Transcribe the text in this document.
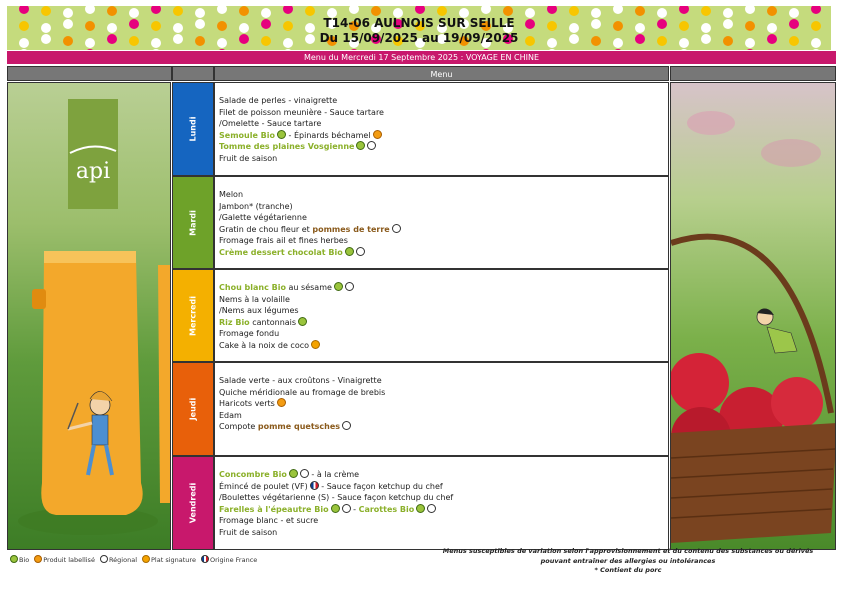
T14-06 AULNOIS SUR SEILLE
Du 15/09/2025 au 19/09/2025
Menu du Mercredi 17 Septembre 2025 : VOYAGE EN CHINE
Menu
api
Lundi
Salade de perles - vinaigrette
Filet de poisson meunière - Sauce tartare
/Omelette - Sauce tartare
Semoule Bio - Épinards béchamel
Tomme des plaines Vosgienne
Fruit de saison
Mardi
Melon
Jambon* (tranche)
/Galette végétarienne
Gratin de chou fleur et pommes de terre
Fromage frais ail et fines herbes
Crème dessert chocolat Bio
Mercredi
Chou blanc Bio au sésame
Nems à la volaille
/Nems aux légumes
Riz Bio cantonnais
Fromage fondu
Cake à la noix de coco
Jeudi
Salade verte - aux croûtons - Vinaigrette
Quiche méridionale au fromage de brebis
Haricots verts
Edam
Compote pomme quetsches
Vendredi
Concombre Bio	- à la crème
Émincé de poulet (VF) - Sauce façon ketchup du chef
/Boulettes végétarienne (S) - Sauce façon ketchup du chef
Farelles à l'épeautre Bio	- Carottes Bio
Fromage blanc - et sucre
Fruit de saison
Bio Produit labellisé Régional Plat signature Origine France
Menus susceptibles de variation selon l'approvisionnement et du contenu des substances ou dérivés
pouvant entraîner des allergies ou intolérances
* Contient du porc
